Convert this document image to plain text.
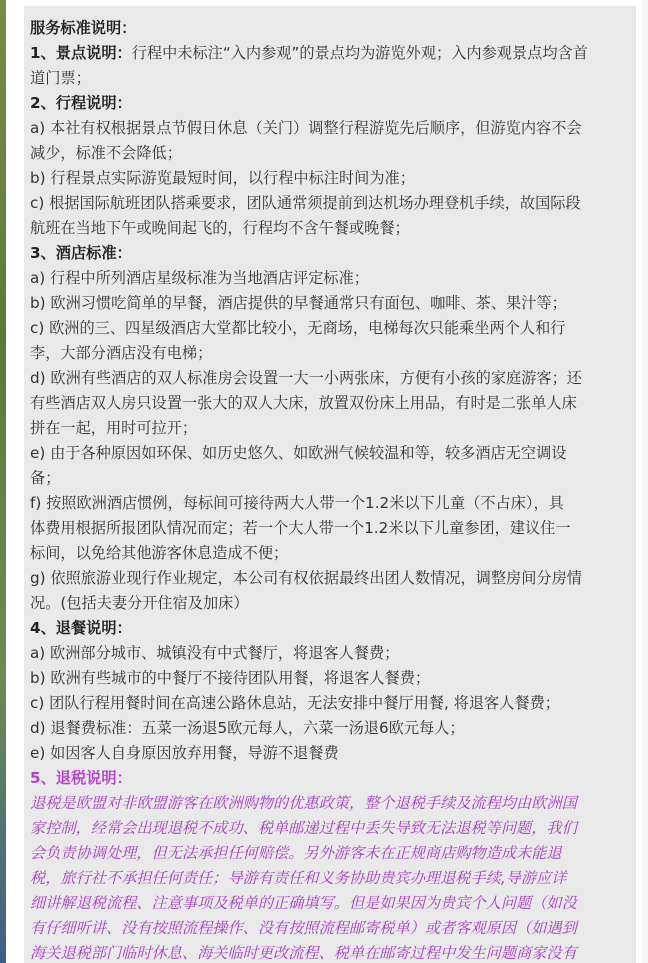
服务标准说明：

1、景点说明：行程中未标注“入内参观”的景点均为游览外观；入内参观景点均含首

道门票；

2、行程说明：

a) 本社有权根据景点节假日休息（关门）调整行程游览先后顺序，但游览内容不会

减少，标准不会降低；

b) 行程景点实际游览最短时间，以行程中标注时间为准；

c) 根据国际航班团队搭乘要求，团队通常须提前到达机场办理登机手续，故国际段

航班在当地下午或晚间起飞的，行程均不含午餐或晚餐；

3、酒店标准：

a) 行程中所列酒店星级标准为当地酒店评定标准；

b) 欧洲习惯吃简单的早餐，酒店提供的早餐通常只有面包、咖啡、茶、果汁等；

c) 欧洲的三、四星级酒店大堂都比较小，无商场，电梯每次只能乘坐两个人和行

李，大部分酒店没有电梯；

d) 欧洲有些酒店的双人标准房会设置一大一小两张床，方便有小孩的家庭游客；还

有些酒店双人房只设置一张大的双人大床，放置双份床上用品，有时是二张单人床

拼在一起，用时可拉开；

e) 由于各种原因如环保、如历史悠久、如欧洲气候较温和等，较多酒店无空调设

备；

f) 按照欧洲酒店惯例，每标间可接待两大人带一个1.2米以下儿童（不占床），具

体费用根据所报团队情况而定；若一个大人带一个1.2米以下儿童参团，建议住一

标间，以免给其他游客休息造成不便；

g) 依照旅游业现行作业规定，本公司有权依据最终出团人数情况，调整房间分房情

况。(包括夫妻分开住宿及加床）

4、退餐说明：

a) 欧洲部分城市、城镇没有中式餐厅，将退客人餐费；

b) 欧洲有些城市的中餐厅不接待团队用餐，将退客人餐费；

c) 团队行程用餐时间在高速公路休息站，无法安排中餐厅用餐, 将退客人餐费；

d) 退餐费标准：五菜一汤退5欧元每人，六菜一汤退6欧元每人；

e) 如因客人自身原因放弃用餐，导游不退餐费

5、退税说明：

退税是欧盟对非欧盟游客在欧洲购物的优惠政策，整个退税手续及流程均由欧洲国

家控制，经常会出现退税不成功、税单邮递过程中丢失导致无法退税等问题，我们

会负责协调处理，但无法承担任何赔偿。另外游客未在正规商店购物造成未能退

税，旅行社不承担任何责任；导游有责任和义务协助贵宾办理退税手续,导游应详

细讲解退税流程、注意事项及税单的正确填写。但是如果因为贵宾个人问题（如没

有仔细听讲、没有按照流程操作、没有按照流程邮寄税单）或者客观原因（如遇到

海关退税部门临时休息、海关临时更改流程、税单在邮寄过程中发生问题商家没有
